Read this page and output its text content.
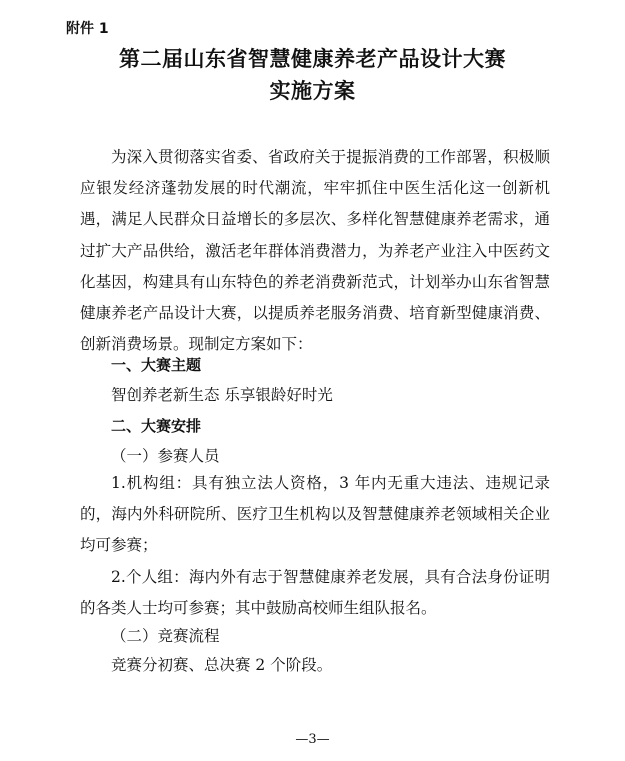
附件 1
第二届山东省智慧健康养老产品设计大赛
实施方案

为深入贯彻落实省委、省政府关于提振消费的工作部署，积极顺应银发经济蓬勃发展的时代潮流，牢牢抓住中医生活化这一创新机遇，满足人民群众日益增长的多层次、多样化智慧健康养老需求，通过扩大产品供给，激活老年群体消费潜力，为养老产业注入中医药文化基因，构建具有山东特色的养老消费新范式，计划举办山东省智慧健康养老产品设计大赛，以提质养老服务消费、培育新型健康消费、创新消费场景。现制定方案如下：

一、大赛主题
智创养老新生态 乐享银龄好时光
二、大赛安排
（一）参赛人员

1.机构组：具有独立法人资格，3 年内无重大违法、违规记录的，海内外科研院所、医疗卫生机构以及智慧健康养老领域相关企业均可参赛；

2.个人组：海内外有志于智慧健康养老发展，具有合法身份证明的各类人士均可参赛；其中鼓励高校师生组队报名。

（二）竞赛流程
竞赛分初赛、总决赛 2 个阶段。
—3—
